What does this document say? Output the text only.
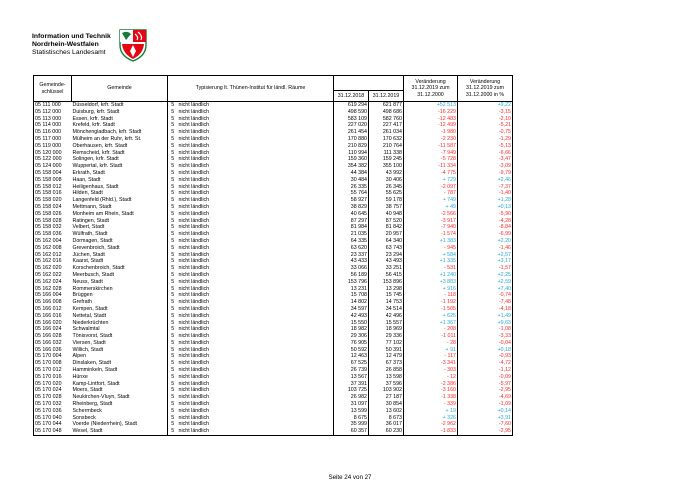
Information und Technik
Nordrhein-Westfalen
Statistisches Landesamt
Gemeinde-
schlüssel	Gemeinde	Typisierung lt. Thünen-Institut für ländl. Räume				Veränderung
31.12.2019 zum
31.12.2000	Veränderung
31.12.2019 zum
31.12.2000 in %
				31.12.2018	31.12.2019		
05 111 000	Düsseldorf, krfr. Stadt	5	nicht ländlich	619 294	621 877	+52 513	+9,22
05 112 000	Duisburg, krfr. Stadt	5	nicht ländlich	498 590	498 686	-16 229	-3,15
05 113 000	Essen, krfr. Stadt	5	nicht ländlich	583 109	582 760	-12 483	-2,10
05 114 000	Krefeld, krfr. Stadt	5	nicht ländlich	227 020	227 417	-12 499	-5,21
05 116 000	Mönchengladbach, krfr. Stadt	5	nicht ländlich	261 454	261 034	-1 980	-0,75
05 117 000	Mülheim an der Ruhr, krfr. St.	5	nicht ländlich	170 880	170 632	-2 230	-1,29
05 119 000	Oberhausen, krfr. Stadt	5	nicht ländlich	210 829	210 764	-11 587	-5,13
05 120 000	Remscheid, krfr. Stadt	5	nicht ländlich	110 994	111 338	-7 949	-6,66
05 122 000	Solingen, krfr. Stadt	5	nicht ländlich	159 360	159 245	-5 728	-3,47
05 124 000	Wuppertal, krfr. Stadt	5	nicht ländlich	354 382	355 100	-11 334	-3,09
05 158 004	Erkrath, Stadt	5	nicht ländlich	44 384	43 992	-4 775	-9,79
05 158 008	Haan, Stadt	5	nicht ländlich	30 484	30 406	+ 729	+2,46
05 158 012	Heiligenhaus, Stadt	5	nicht ländlich	26 335	26 345	-2 097	-7,37
05 158 016	Hilden, Stadt	5	nicht ländlich	55 764	55 625	- 787	-1,40
05 158 020	Langenfeld (Rhld.), Stadt	5	nicht ländlich	58 927	59 178	+ 749	+1,28
05 158 024	Mettmann, Stadt	5	nicht ländlich	38 829	38 757	+ 49	+0,13
05 158 026	Monheim am Rhein, Stadt	5	nicht ländlich	40 645	40 948	-2 566	-5,90
05 158 028	Ratingen, Stadt	5	nicht ländlich	87 297	87 520	-3 917	-4,28
05 158 032	Velbert, Stadt	5	nicht ländlich	81 984	81 842	-7 940	-8,84
05 158 036	Wülfrath, Stadt	5	nicht ländlich	21 035	20 957	-1 574	-6,99
05 162 004	Dormagen, Stadt	5	nicht ländlich	64 335	64 340	+1 383	+2,20
05 162 008	Grevenbroich, Stadt	5	nicht ländlich	63 620	63 743	- 945	-1,46
05 162 012	Jüchen, Stadt	5	nicht ländlich	23 337	23 294	+ 584	+2,57
05 162 016	Kaarst, Stadt	5	nicht ländlich	43 433	43 493	+1 335	+3,17
05 162 020	Korschenbroich, Stadt	5	nicht ländlich	33 066	33 251	- 531	-1,57
05 162 022	Meerbusch, Stadt	5	nicht ländlich	56 189	56 415	+1 240	+2,25
05 162 024	Neuss, Stadt	5	nicht ländlich	153 796	153 896	+3 883	+2,59
05 162 028	Rommerskirchen	5	nicht ländlich	13 231	13 298	+ 916	+7,40
05 166 004	Brüggen	5	nicht ländlich	15 708	15 745	- 118	-0,74
05 166 008	Grefrath	5	nicht ländlich	14 802	14 753	-1 192	-7,48
05 166 012	Kempen, Stadt	5	nicht ländlich	34 597	34 514	-1 505	-4,18
05 166 016	Nettetal, Stadt	5	nicht ländlich	42 493	42 496	+ 625	+1,49
05 166 020	Niederkrüchten	5	nicht ländlich	15 550	15 557	+1 367	+9,63
05 166 024	Schwalmtal	5	nicht ländlich	18 982	18 969	- 208	-1,08
05 166 028	Tönisvorst, Stadt	5	nicht ländlich	29 306	29 336	-1 011	-3,33
05 166 032	Viersen, Stadt	5	nicht ländlich	76 905	77 102	- 28	-0,04
05 166 036	Willich, Stadt	5	nicht ländlich	50 592	50 391	+ 91	+0,18
05 170 004	Alpen	5	nicht ländlich	12 463	12 479	- 117	-0,93
05 170 008	Dinslaken, Stadt	5	nicht ländlich	67 525	67 373	-3 341	-4,72
05 170 012	Hamminkeln, Stadt	5	nicht ländlich	26 739	26 858	- 303	-1,12
05 170 016	Hünxe	5	nicht ländlich	13 567	13 598	- 12	-0,09
05 170 020	Kamp-Lintfort, Stadt	5	nicht ländlich	37 391	37 596	-2 386	-5,97
05 170 024	Moers, Stadt	5	nicht ländlich	103 725	103 902	-3 160	-2,95
05 170 028	Neukirchen-Vluyn, Stadt	5	nicht ländlich	26 982	27 187	-1 338	-4,69
05 170 032	Rheinberg, Stadt	5	nicht ländlich	31 097	30 854	- 339	-1,09
05 170 036	Schermbeck	5	nicht ländlich	13 599	13 602	+ 19	+0,14
05 170 040	Sonsbeck	5	nicht ländlich	8 675	8 673	+ 326	+3,91
05 170 044	Voerde (Niederrhein), Stadt	5	nicht ländlich	35 999	36 017	-2 962	-7,60
05 170 048	Wesel, Stadt	5	nicht ländlich	60 357	60 230	-1 833	-2,95
Seite 24 von 27
